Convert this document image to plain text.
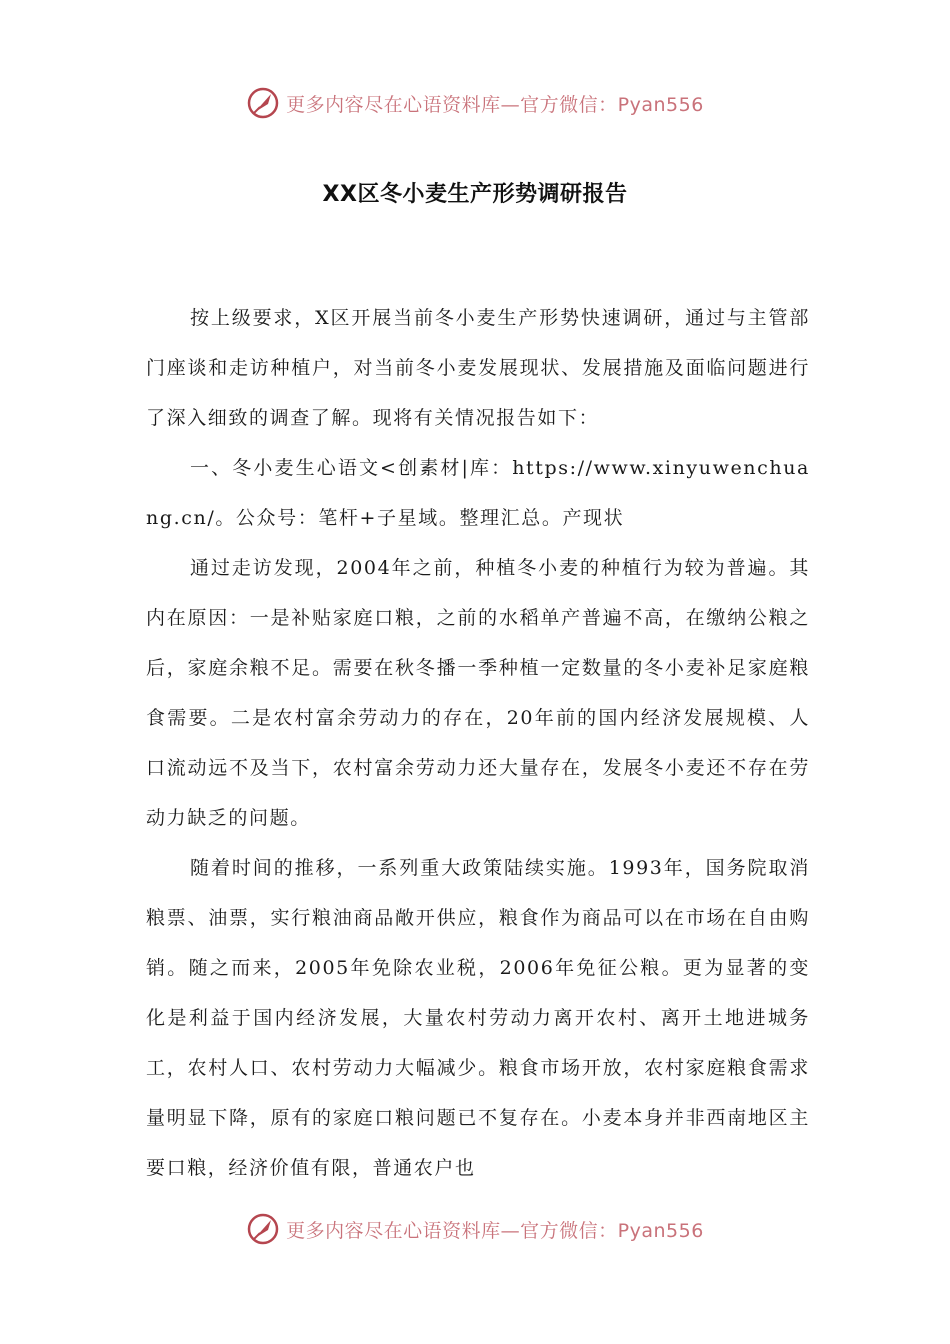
更多内容尽在心语资料库—官方微信：Pyan556
XX区冬小麦生产形势调研报告

按上级要求，X区开展当前冬小麦生产形势快速调研，通过与主管部门座谈和走访种植户，对当前冬小麦发展现状、发展措施及面临问题进行了深入细致的调查了解。现将有关情况报告如下：

一、冬小麦生心语文<创素材|库：https://www.xinyuwenchuang.cn/。公众号：笔杆+子星域。整理汇总。产现状

通过走访发现，2004年之前，种植冬小麦的种植行为较为普遍。其内在原因：一是补贴家庭口粮，之前的水稻单产普遍不高，在缴纳公粮之后，家庭余粮不足。需要在秋冬播一季种植一定数量的冬小麦补足家庭粮食需要。二是农村富余劳动力的存在，20年前的国内经济发展规模、人口流动远不及当下，农村富余劳动力还大量存在，发展冬小麦还不存在劳动力缺乏的问题。

随着时间的推移，一系列重大政策陆续实施。1993年，国务院取消粮票、油票，实行粮油商品敞开供应，粮食作为商品可以在市场在自由购销。随之而来，2005年免除农业税，2006年免征公粮。更为显著的变化是利益于国内经济发展，大量农村劳动力离开农村、离开土地进城务工，农村人口、农村劳动力大幅减少。粮食市场开放，农村家庭粮食需求量明显下降，原有的家庭口粮问题已不复存在。小麦本身并非西南地区主要口粮，经济价值有限，普通农户也

更多内容尽在心语资料库—官方微信：Pyan556
